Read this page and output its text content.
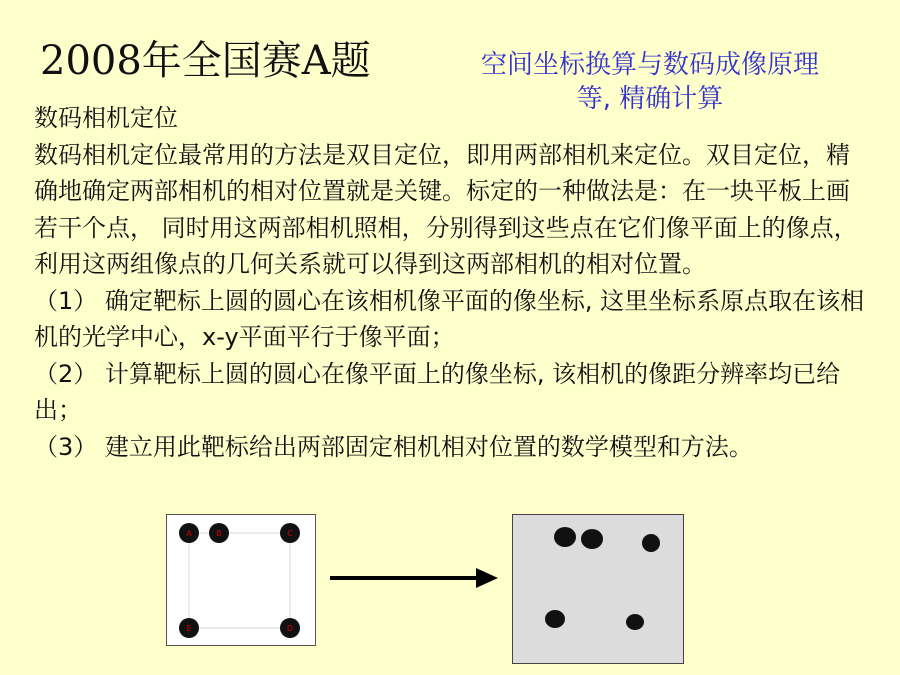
2008年全国赛A题	空间坐标换算与数码成像原理
等, 精确计算

数码相机定位

数码相机定位最常用的方法是双目定位，即用两部相机来定位。双目定位，精确地确定两部相机的相对位置就是关键。标定的一种做法是：在一块平板上画若干个点， 同时用这两部相机照相，分别得到这些点在它们像平面上的像点，利用这两组像点的几何关系就可以得到这两部相机的相对位置。

（1） 确定靶标上圆的圆心在该相机像平面的像坐标, 这里坐标系原点取在该相机的光学中心，x-y平面平行于像平面；

（2） 计算靶标上圆的圆心在像平面上的像坐标, 该相机的像距分辨率均已给出；

（3） 建立用此靶标给出两部固定相机相对位置的数学模型和方法。

A	B	C
E	D
